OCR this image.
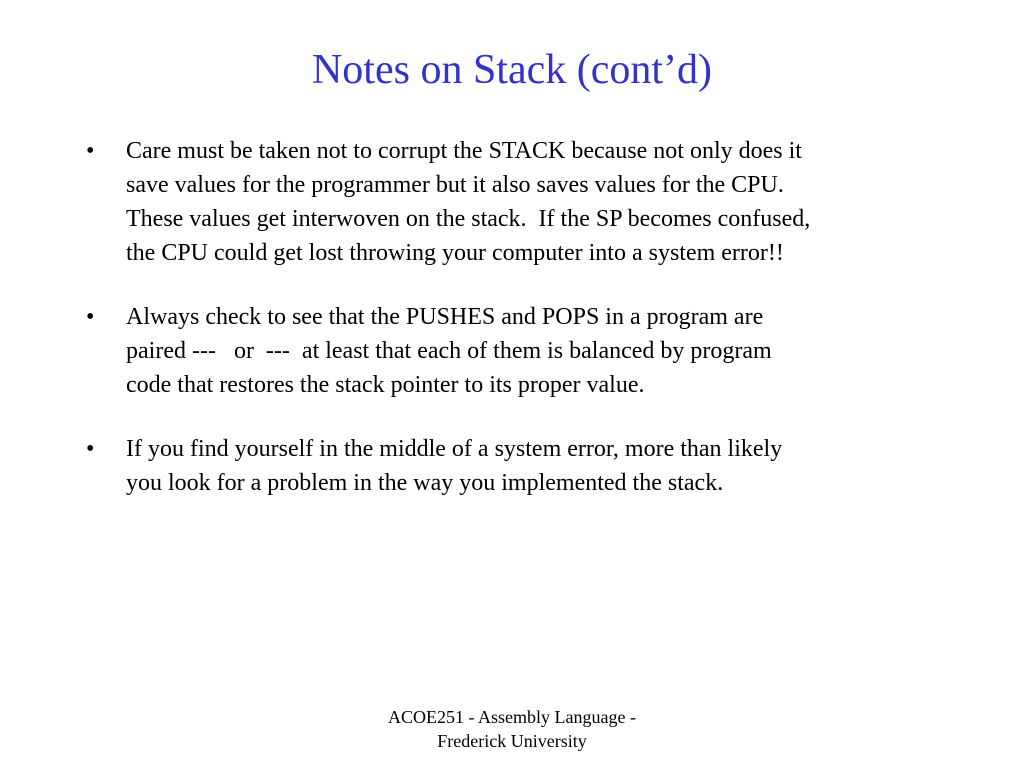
Notes on Stack (cont’d)
• Care must be taken not to corrupt the STACK because not only does it
save values for the programmer but it also saves values for the CPU.
These values get interwoven on the stack.  If the SP becomes confused,
the CPU could get lost throwing your computer into a system error!!
• Always check to see that the PUSHES and POPS in a program are
paired ---   or  ---  at least that each of them is balanced by program
code that restores the stack pointer to its proper value.
• If you find yourself in the middle of a system error, more than likely
you look for a problem in the way you implemented the stack.
ACOE251 - Assembly Language -
Frederick University
